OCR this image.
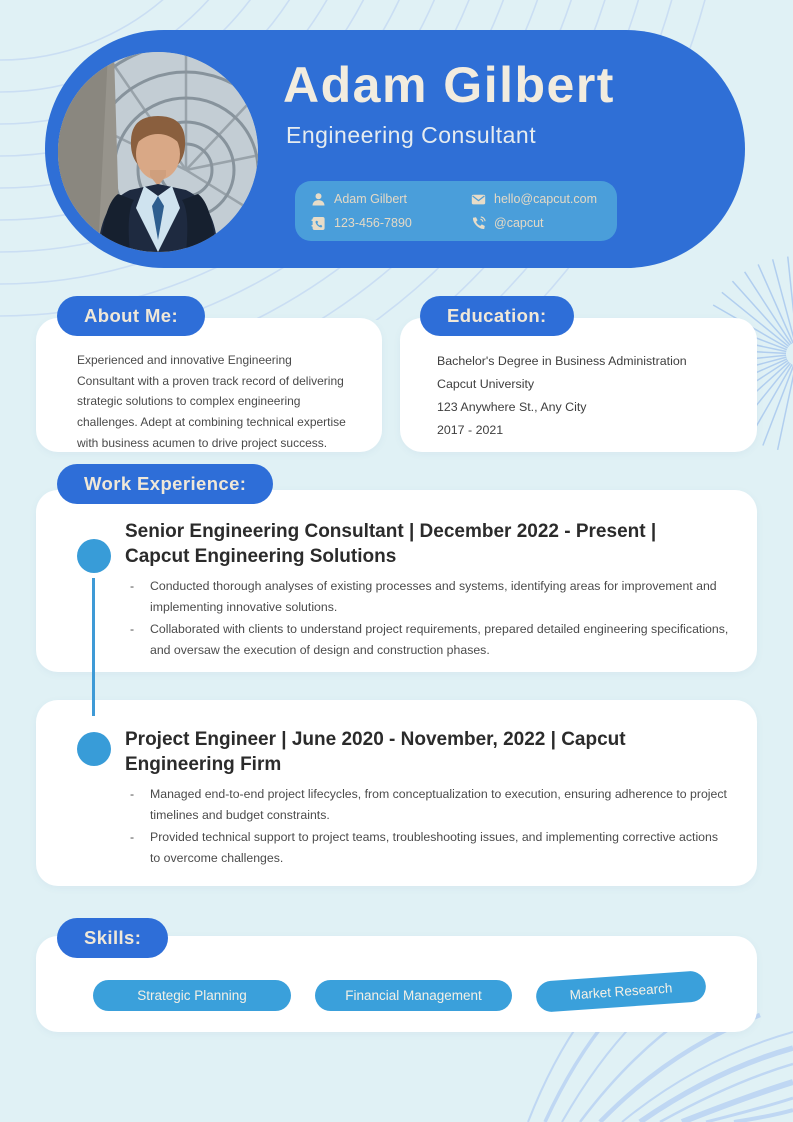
Adam Gilbert
Engineering Consultant
Adam Gilbert	hello@capcut.com
123-456-7890	@capcut
About Me:
Experienced and innovative Engineering Consultant with a proven track record of delivering strategic solutions to complex engineering challenges. Adept at combining technical expertise with business acumen to drive project success.
Education:
Bachelor's Degree in Business Administration
Capcut University
123 Anywhere St., Any City
2017 - 2021
Work Experience:
Senior Engineering Consultant | December 2022 - Present | Capcut Engineering Solutions
-	Conducted thorough analyses of existing processes and systems, identifying areas for improvement and implementing innovative solutions.
-	Collaborated with clients to understand project requirements, prepared detailed engineering specifications, and oversaw the execution of design and construction phases.
Project Engineer | June 2020 - November, 2022 | Capcut Engineering Firm
-	Managed end-to-end project lifecycles, from conceptualization to execution, ensuring adherence to project timelines and budget constraints.
-	Provided technical support to project teams, troubleshooting issues, and implementing corrective actions to overcome challenges.
Skills:
Strategic Planning	Financial Management	Market Research
